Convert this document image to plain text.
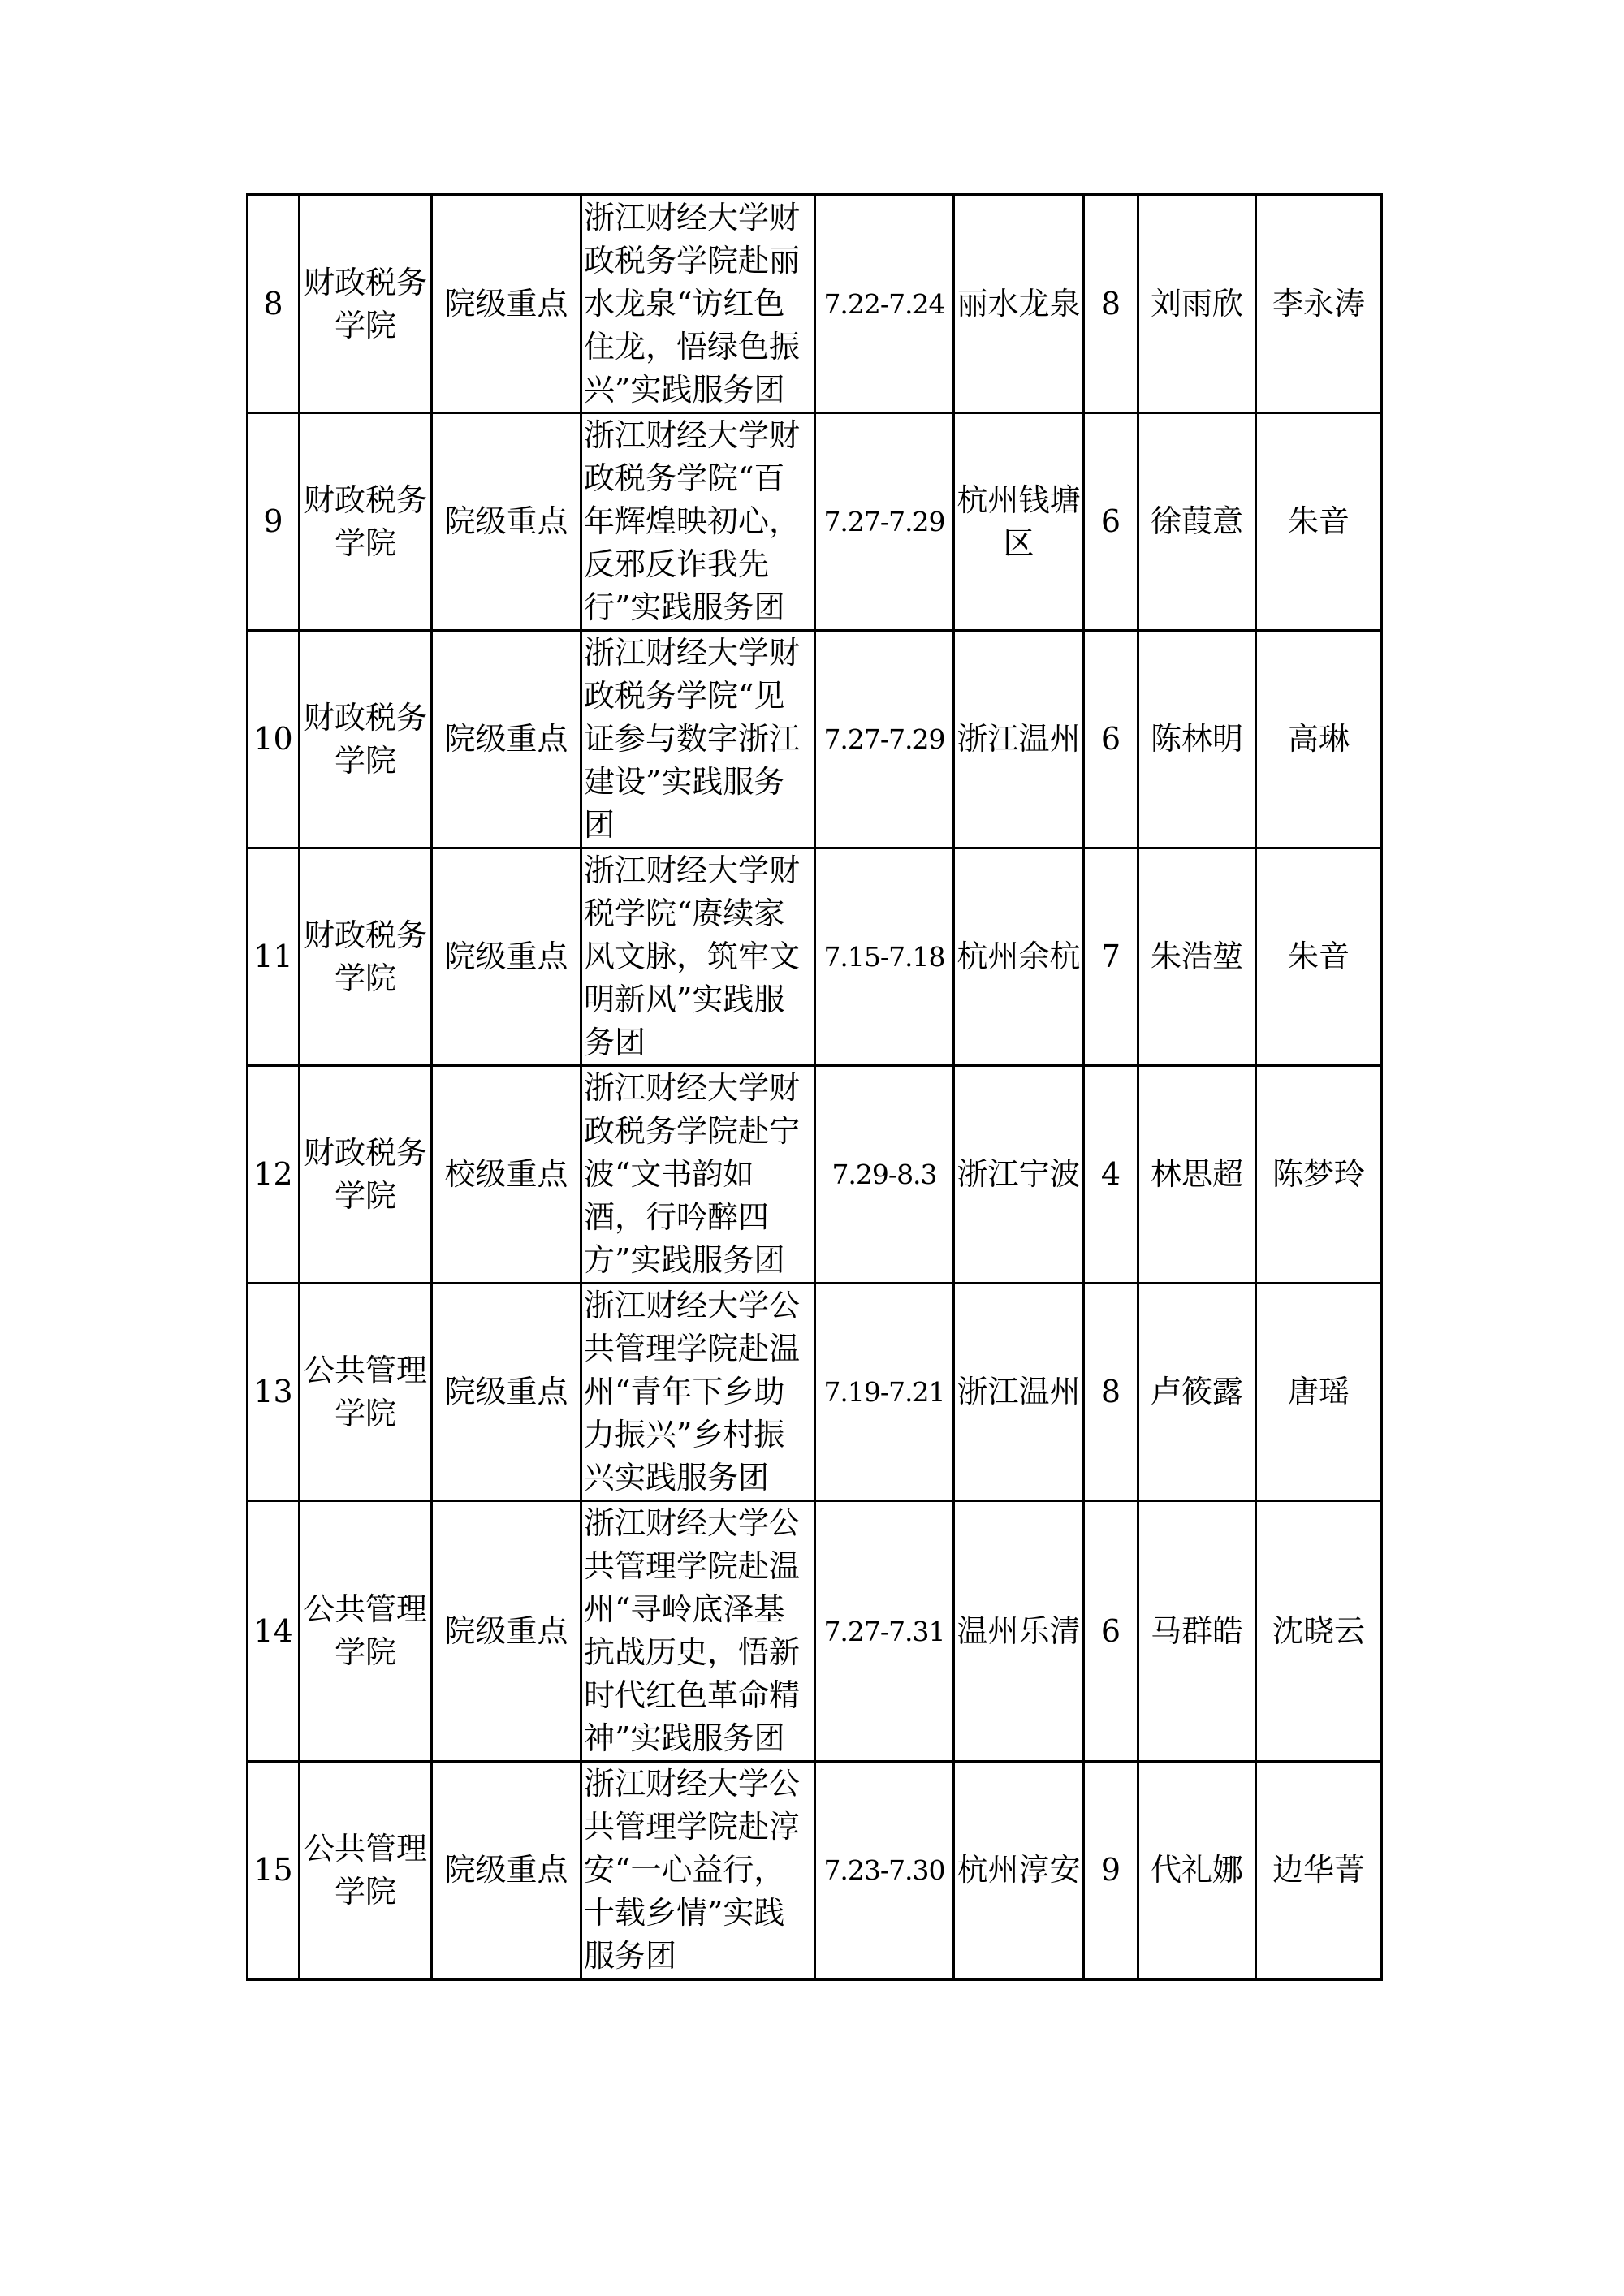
8	财政税务学院	院级重点	浙江财经大学财政税务学院赴丽水龙泉“访红色住龙，悟绿色振兴”实践服务团	7.22-7.24	丽水龙泉	8	刘雨欣	李永涛
9	财政税务学院	院级重点	浙江财经大学财政税务学院“百年辉煌映初心，反邪反诈我先行”实践服务团	7.27-7.29	杭州钱塘区	6	徐葭意	朱音
10	财政税务学院	院级重点	浙江财经大学财政税务学院“见证参与数字浙江建设”实践服务团	7.27-7.29	浙江温州	6	陈林明	高琳
11	财政税务学院	院级重点	浙江财经大学财税学院“赓续家风文脉，筑牢文明新风”实践服务团	7.15-7.18	杭州余杭	7	朱浩堃	朱音
12	财政税务学院	校级重点	浙江财经大学财政税务学院赴宁波“文书韵如酒，行吟醉四方”实践服务团	7.29-8.3	浙江宁波	4	林思超	陈梦玲
13	公共管理学院	院级重点	浙江财经大学公共管理学院赴温州“青年下乡助力振兴”乡村振兴实践服务团	7.19-7.21	浙江温州	8	卢筱露	唐瑶
14	公共管理学院	院级重点	浙江财经大学公共管理学院赴温州“寻岭底泽基抗战历史，悟新时代红色革命精神”实践服务团	7.27-7.31	温州乐清	6	马群皓	沈晓云
15	公共管理学院	院级重点	浙江财经大学公共管理学院赴淳安“一心益行，十载乡情”实践服务团	7.23-7.30	杭州淳安	9	代礼娜	边华菁
